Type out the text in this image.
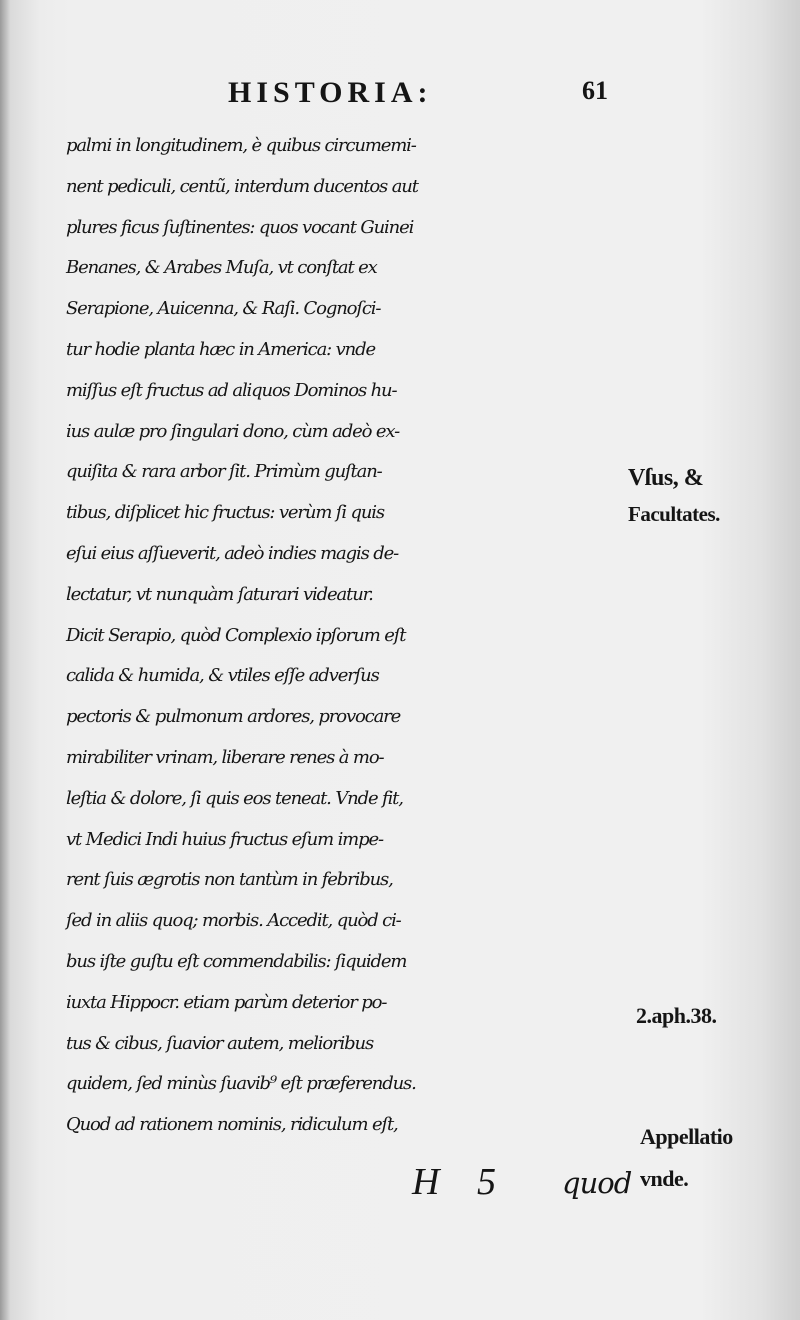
HISTORIA:	61
palmi in longitudinem, è quibus circumemi-
nent pediculi, centũ, interdum ducentos aut
plures ficus ſuſtinentes: quos vocant Guinei
Benanes, & Arabes Muſa, vt conſtat ex
Serapione, Auicenna, & Raſi. Cognoſci-
tur hodie planta hæc in America: vnde
miſſus eſt fructus ad aliquos Dominos hu-
ius aulæ pro ſingulari dono, cùm adeò ex-
quiſita & rara arbor ſit. Primùm guſtan-
tibus, diſplicet hic fructus: verùm ſi quis
eſui eius aſſueverit, adeò indies magis de-
lectatur, vt nunquàm ſaturari videatur.
Dicit Serapio, quòd Complexio ipſorum eſt
calida & humida, & vtiles eſſe adverſus
pectoris & pulmonum ardores, provocare
mirabiliter vrinam, liberare renes à mo-
leſtia & dolore, ſi quis eos teneat. Vnde fit,
vt Medici Indi huius fructus eſum impe-
rent ſuis ægrotis non tantùm in febribus,
ſed in aliis quoq; morbis. Accedit, quòd ci-
bus iſte guſtu eſt commendabilis: ſiquidem
iuxta Hippocr. etiam parùm deterior po-
tus & cibus, ſuavior autem, melioribus
quidem, ſed minùs ſuavib⁹ eſt præferendus.
Quod ad rationem nominis, ridiculum eſt,
Vſus, &
Facultates.
2.aph.38.
Appellatio
vnde.
H 5 quod
